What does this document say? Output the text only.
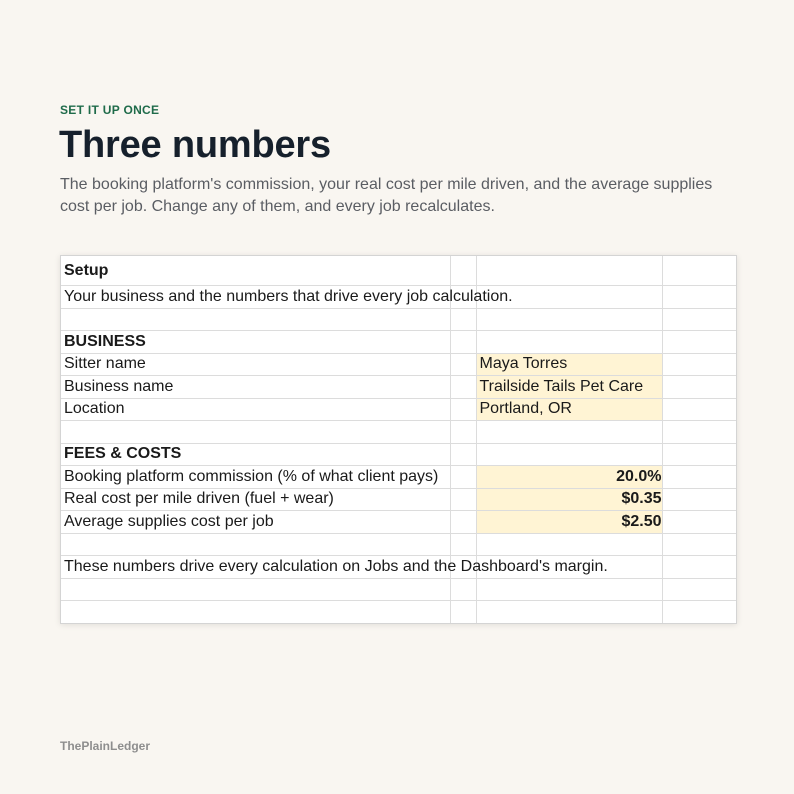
SET IT UP ONCE
Three numbers
The booking platform's commission, your real cost per mile driven, and the average supplies cost per job. Change any of them, and every job recalculates.
Setup			
Your business and the numbers that drive every job calculation.			

BUSINESS			
Sitter name		Maya Torres	
Business name		Trailside Tails Pet Care	
Location		Portland, OR	

FEES & COSTS			
Booking platform commission (% of what client pays)		20.0%	
Real cost per mile driven (fuel + wear)		$0.35	
Average supplies cost per job		$2.50	

These numbers drive every calculation on Jobs and the Dashboard's margin.			

ThePlainLedger
